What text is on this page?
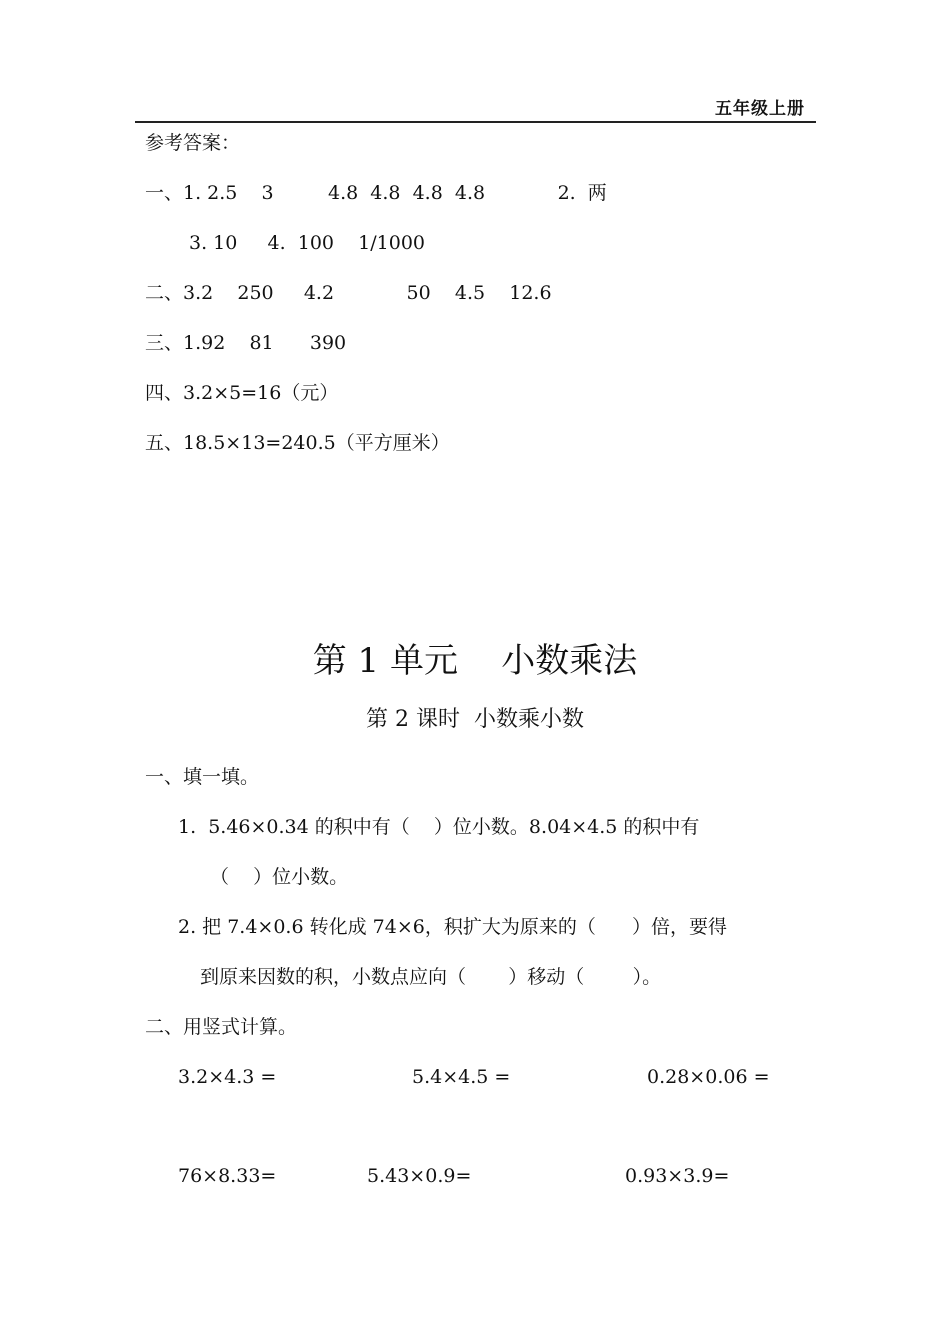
五年级上册
参考答案：
一、1. 2.5    3         4.8  4.8  4.8  4.8            2.  两
3. 10     4.  100    1/1000
二、3.2    250     4.2            50    4.5    12.6
三、1.92    81      390
四、3.2×5=16（元）
五、18.5×13=240.5（平方厘米）
第 1 单元    小数乘法
第 2 课时  小数乘小数
一、填一填。
1.  5.46×0.34 的积中有（    ）位小数。8.04×4.5 的积中有
（    ）位小数。
2. 把 7.4×0.6 转化成 74×6，积扩大为原来的（      ）倍，要得
到原来因数的积，小数点应向（       ）移动（        ）。
二、用竖式计算。
3.2×4.3 =	5.4×4.5 =	0.28×0.06 =
76×8.33=	5.43×0.9=	0.93×3.9=
